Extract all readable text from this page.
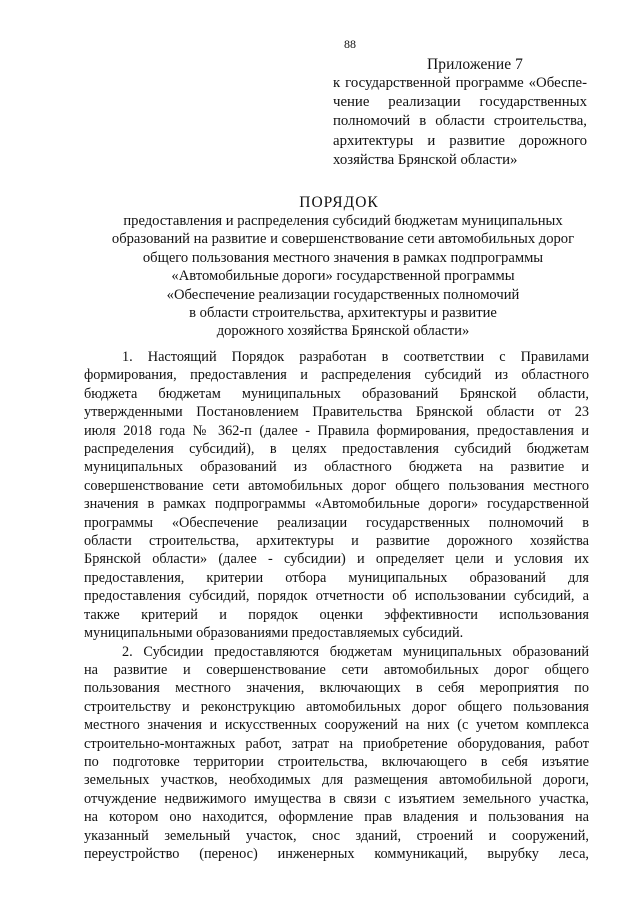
88
Приложение 7
к государственной программе «Обеспе-
чение реализации государственных
полномочий в области строительства,
архитектуры и развитие дорожного
хозяйства Брянской области»
ПОРЯДОК
предоставления и распределения субсидий бюджетам муниципальных
образований на развитие и совершенствование сети автомобильных дорог
общего пользования местного значения в рамках подпрограммы
«Автомобильные дороги» государственной программы
«Обеспечение реализации государственных полномочий
в области строительства, архитектуры и развитие
дорожного хозяйства Брянской области»
1. Настоящий Порядок разработан в соответствии с Правилами
формирования, предоставления и распределения субсидий из областного
бюджета бюджетам муниципальных образований Брянской области,
утвержденными Постановлением Правительства Брянской области от 23
июля 2018 года № 362-п (далее - Правила формирования, предоставления и
распределения субсидий), в целях предоставления субсидий бюджетам
муниципальных образований из областного бюджета на развитие и
совершенствование сети автомобильных дорог общего пользования местного
значения в рамках подпрограммы «Автомобильные дороги» государственной
программы «Обеспечение реализации государственных полномочий в
области строительства, архитектуры и развитие дорожного хозяйства
Брянской области» (далее - субсидии) и определяет цели и условия их
предоставления, критерии отбора муниципальных образований для
предоставления субсидий, порядок отчетности об использовании субсидий, а
также критерий и порядок оценки эффективности использования
муниципальными образованиями предоставляемых субсидий.
2. Субсидии предоставляются бюджетам муниципальных образований
на развитие и совершенствование сети автомобильных дорог общего
пользования местного значения, включающих в себя мероприятия по
строительству и реконструкцию автомобильных дорог общего пользования
местного значения и искусственных сооружений на них (с учетом комплекса
строительно-монтажных работ, затрат на приобретение оборудования, работ
по подготовке территории строительства, включающего в себя изъятие
земельных участков, необходимых для размещения автомобильной дороги,
отчуждение недвижимого имущества в связи с изъятием земельного участка,
на котором оно находится, оформление прав владения и пользования на
указанный земельный участок, снос зданий, строений и сооружений,
переустройство (перенос) инженерных коммуникаций, вырубку леса,
